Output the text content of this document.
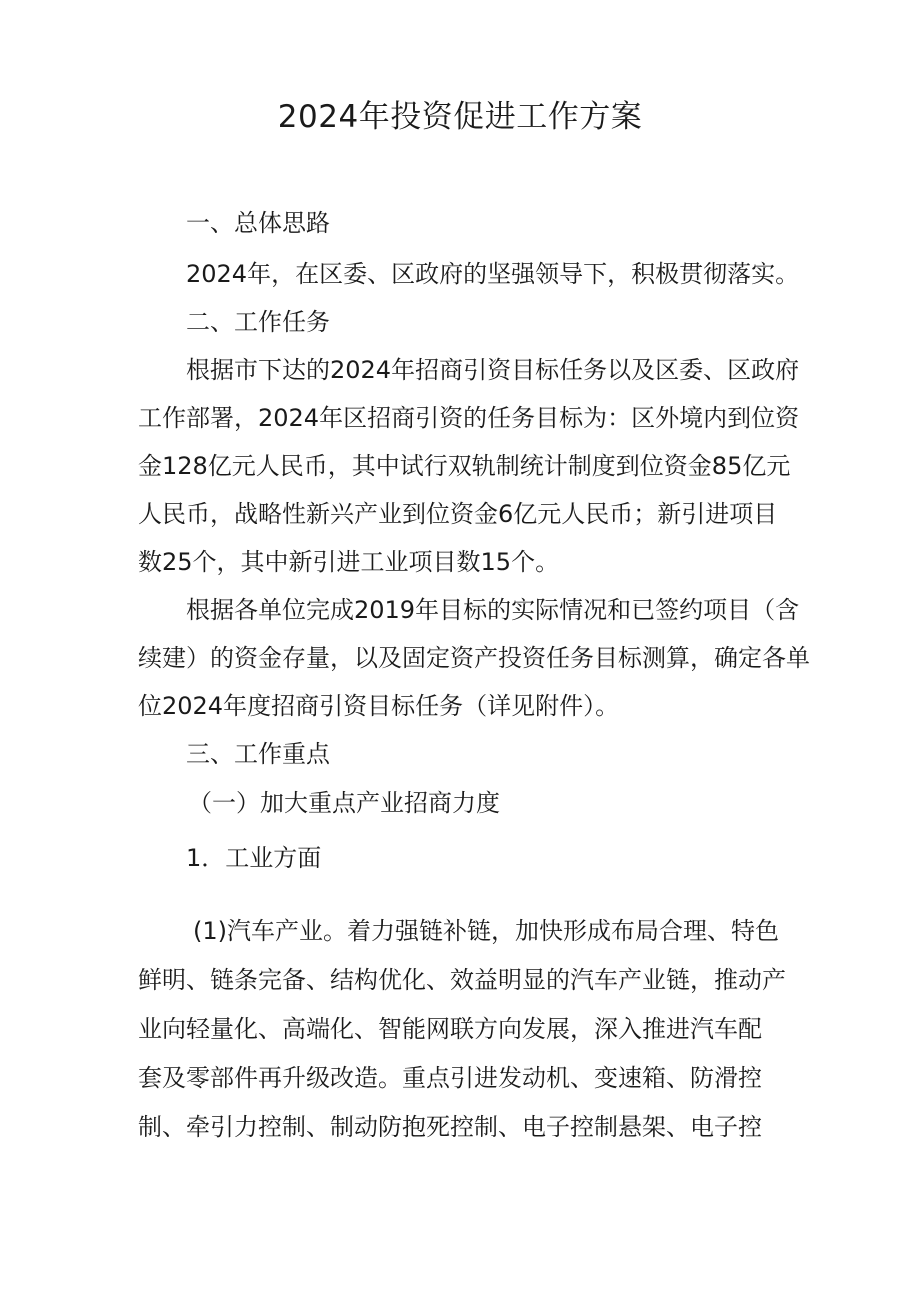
2024年投资促进工作方案
一、总体思路
2024年，在区委、区政府的坚强领导下，积极贯彻落实。
二、工作任务
根据市下达的2024年招商引资目标任务以及区委、区政府
工作部署，2024年区招商引资的任务目标为：区外境内到位资
金128亿元人民币，其中试行双轨制统计制度到位资金85亿元
人民币，战略性新兴产业到位资金6亿元人民币；新引进项目
数25个，其中新引进工业项目数15个。
根据各单位完成2019年目标的实际情况和已签约项目（含
续建）的资金存量，以及固定资产投资任务目标测算，确定各单
位2024年度招商引资目标任务（详见附件）。
三、工作重点
（一）加大重点产业招商力度
1．工业方面
(1)汽车产业。着力强链补链，加快形成布局合理、特色
鲜明、链条完备、结构优化、效益明显的汽车产业链，推动产
业向轻量化、高端化、智能网联方向发展，深入推进汽车配
套及零部件再升级改造。重点引进发动机、变速箱、防滑控
制、牵引力控制、制动防抱死控制、电子控制悬架、电子控
